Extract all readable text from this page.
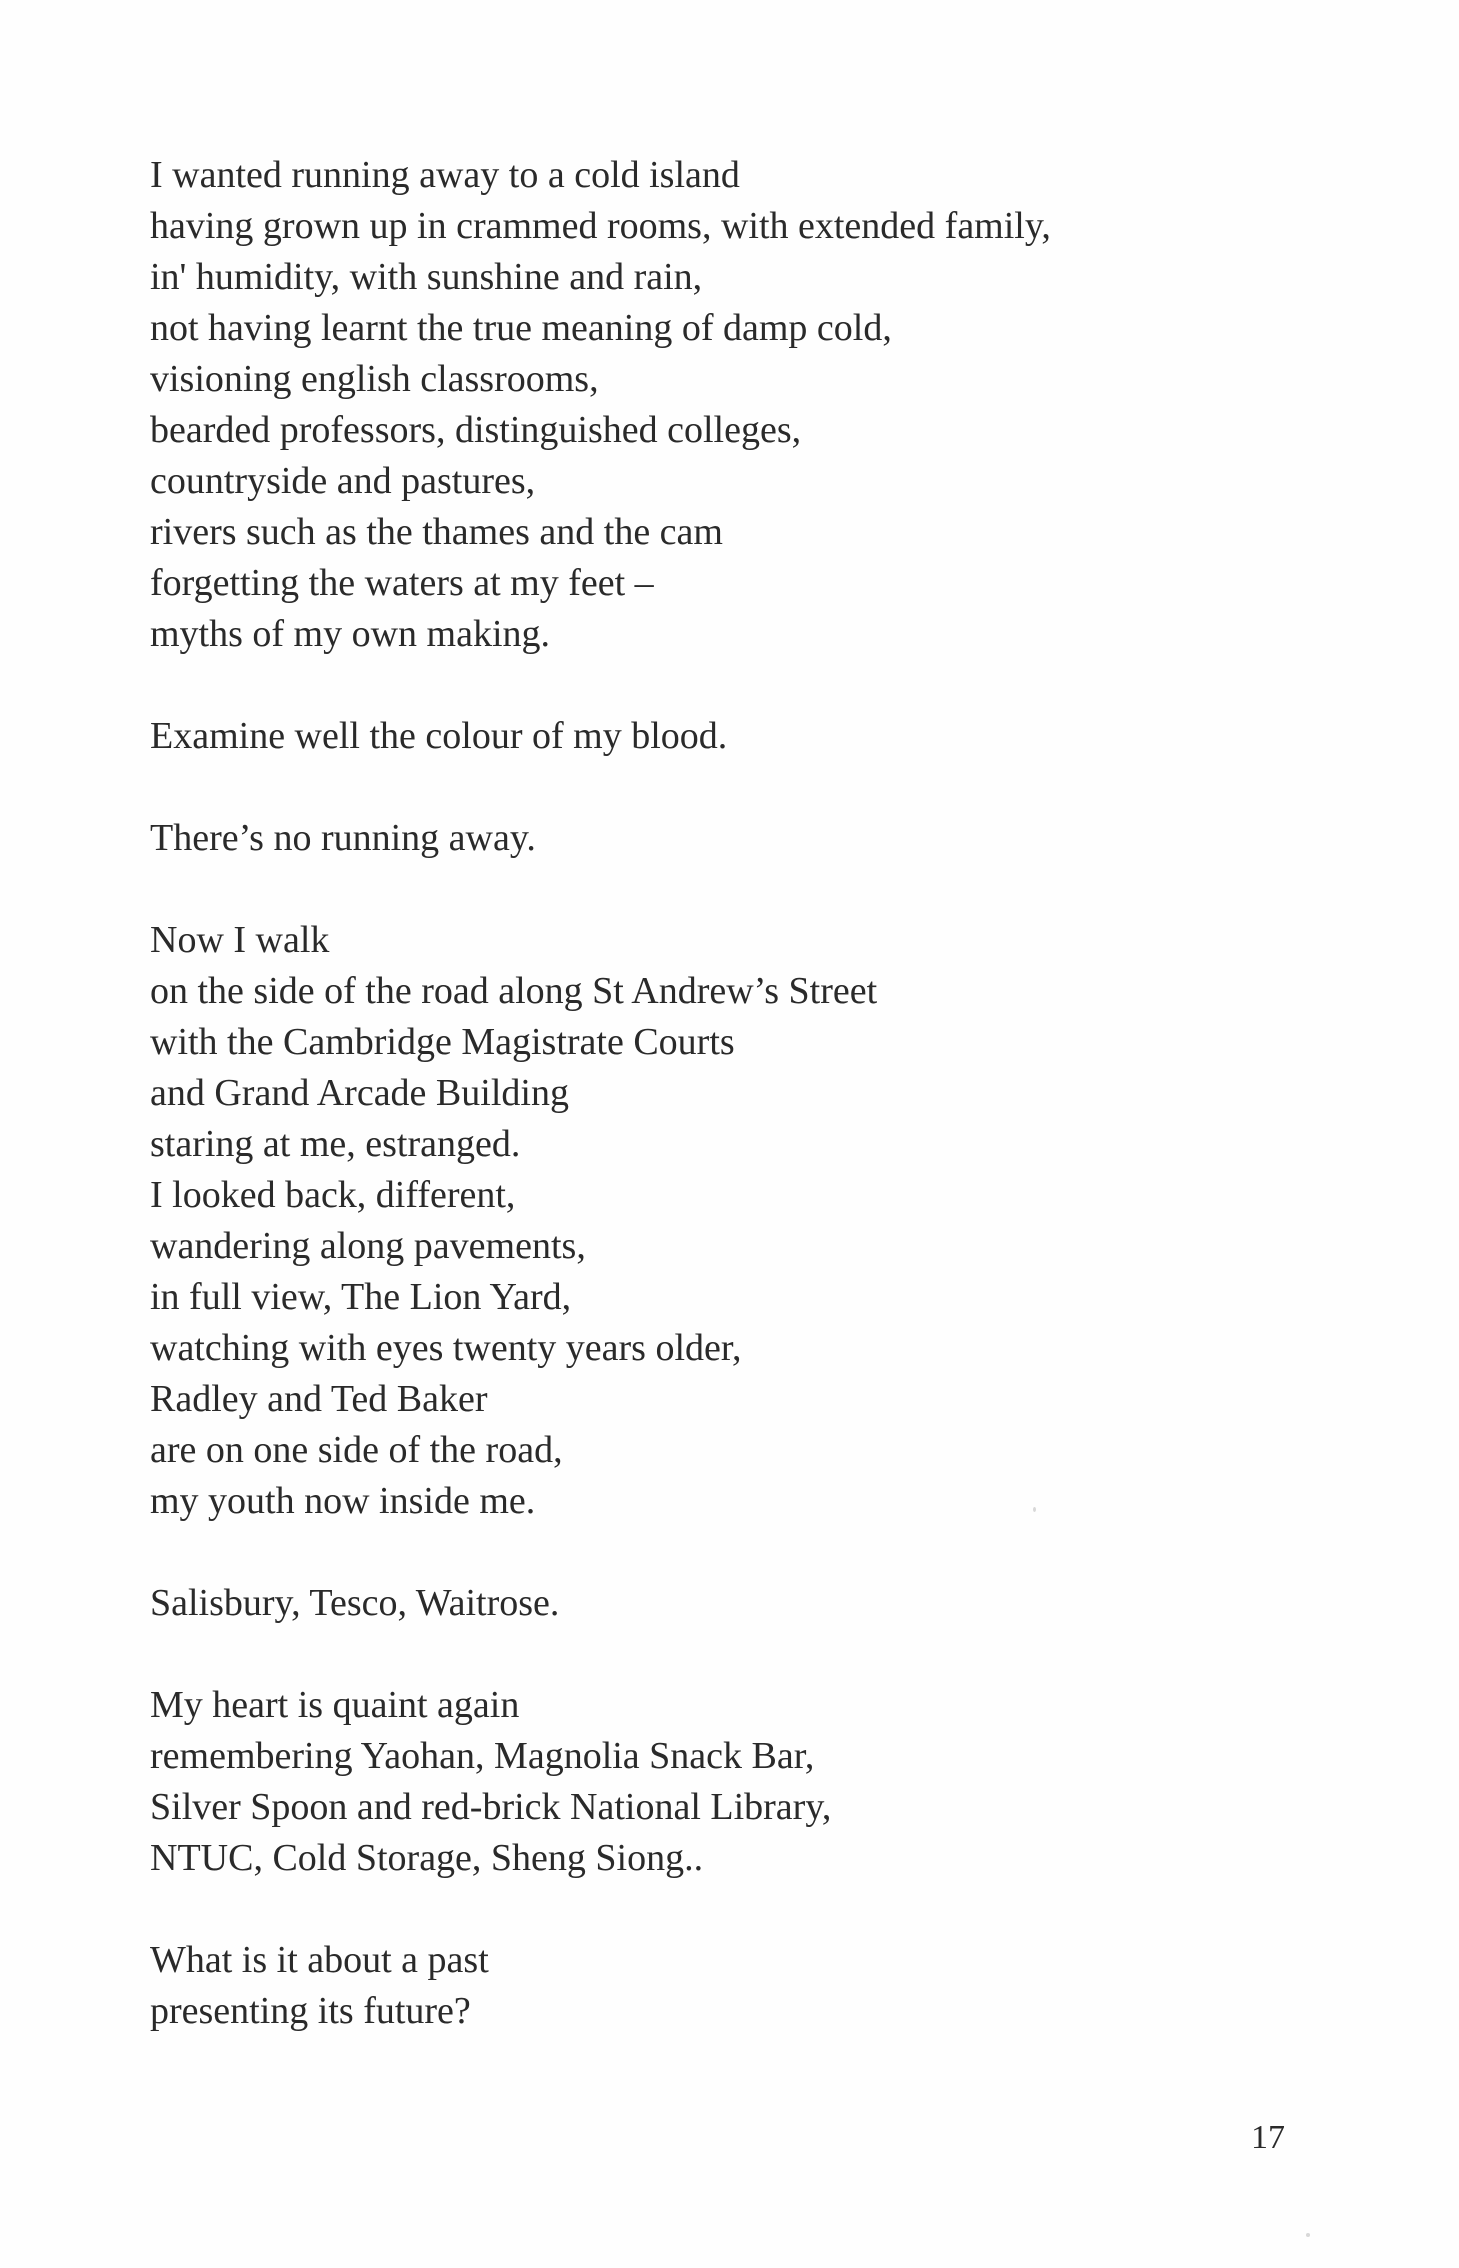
I wanted running away to a cold island
having grown up in crammed rooms, with extended family,
in' humidity, with sunshine and rain,
not having learnt the true meaning of damp cold,
visioning english classrooms,
bearded professors, distinguished colleges,
countryside and pastures,
rivers such as the thames and the cam
forgetting the waters at my feet –
myths of my own making.
Examine well the colour of my blood.
There’s no running away.
Now I walk
on the side of the road along St Andrew’s Street
with the Cambridge Magistrate Courts
and Grand Arcade Building
staring at me, estranged.
I looked back, different,
wandering along pavements,
in full view, The Lion Yard,
watching with eyes twenty years older,
Radley and Ted Baker
are on one side of the road,
my youth now inside me.
Salisbury, Tesco, Waitrose.
My heart is quaint again
remembering Yaohan, Magnolia Snack Bar,
Silver Spoon and red-brick National Library,
NTUC, Cold Storage, Sheng Siong..
What is it about a past
presenting its future?
17
